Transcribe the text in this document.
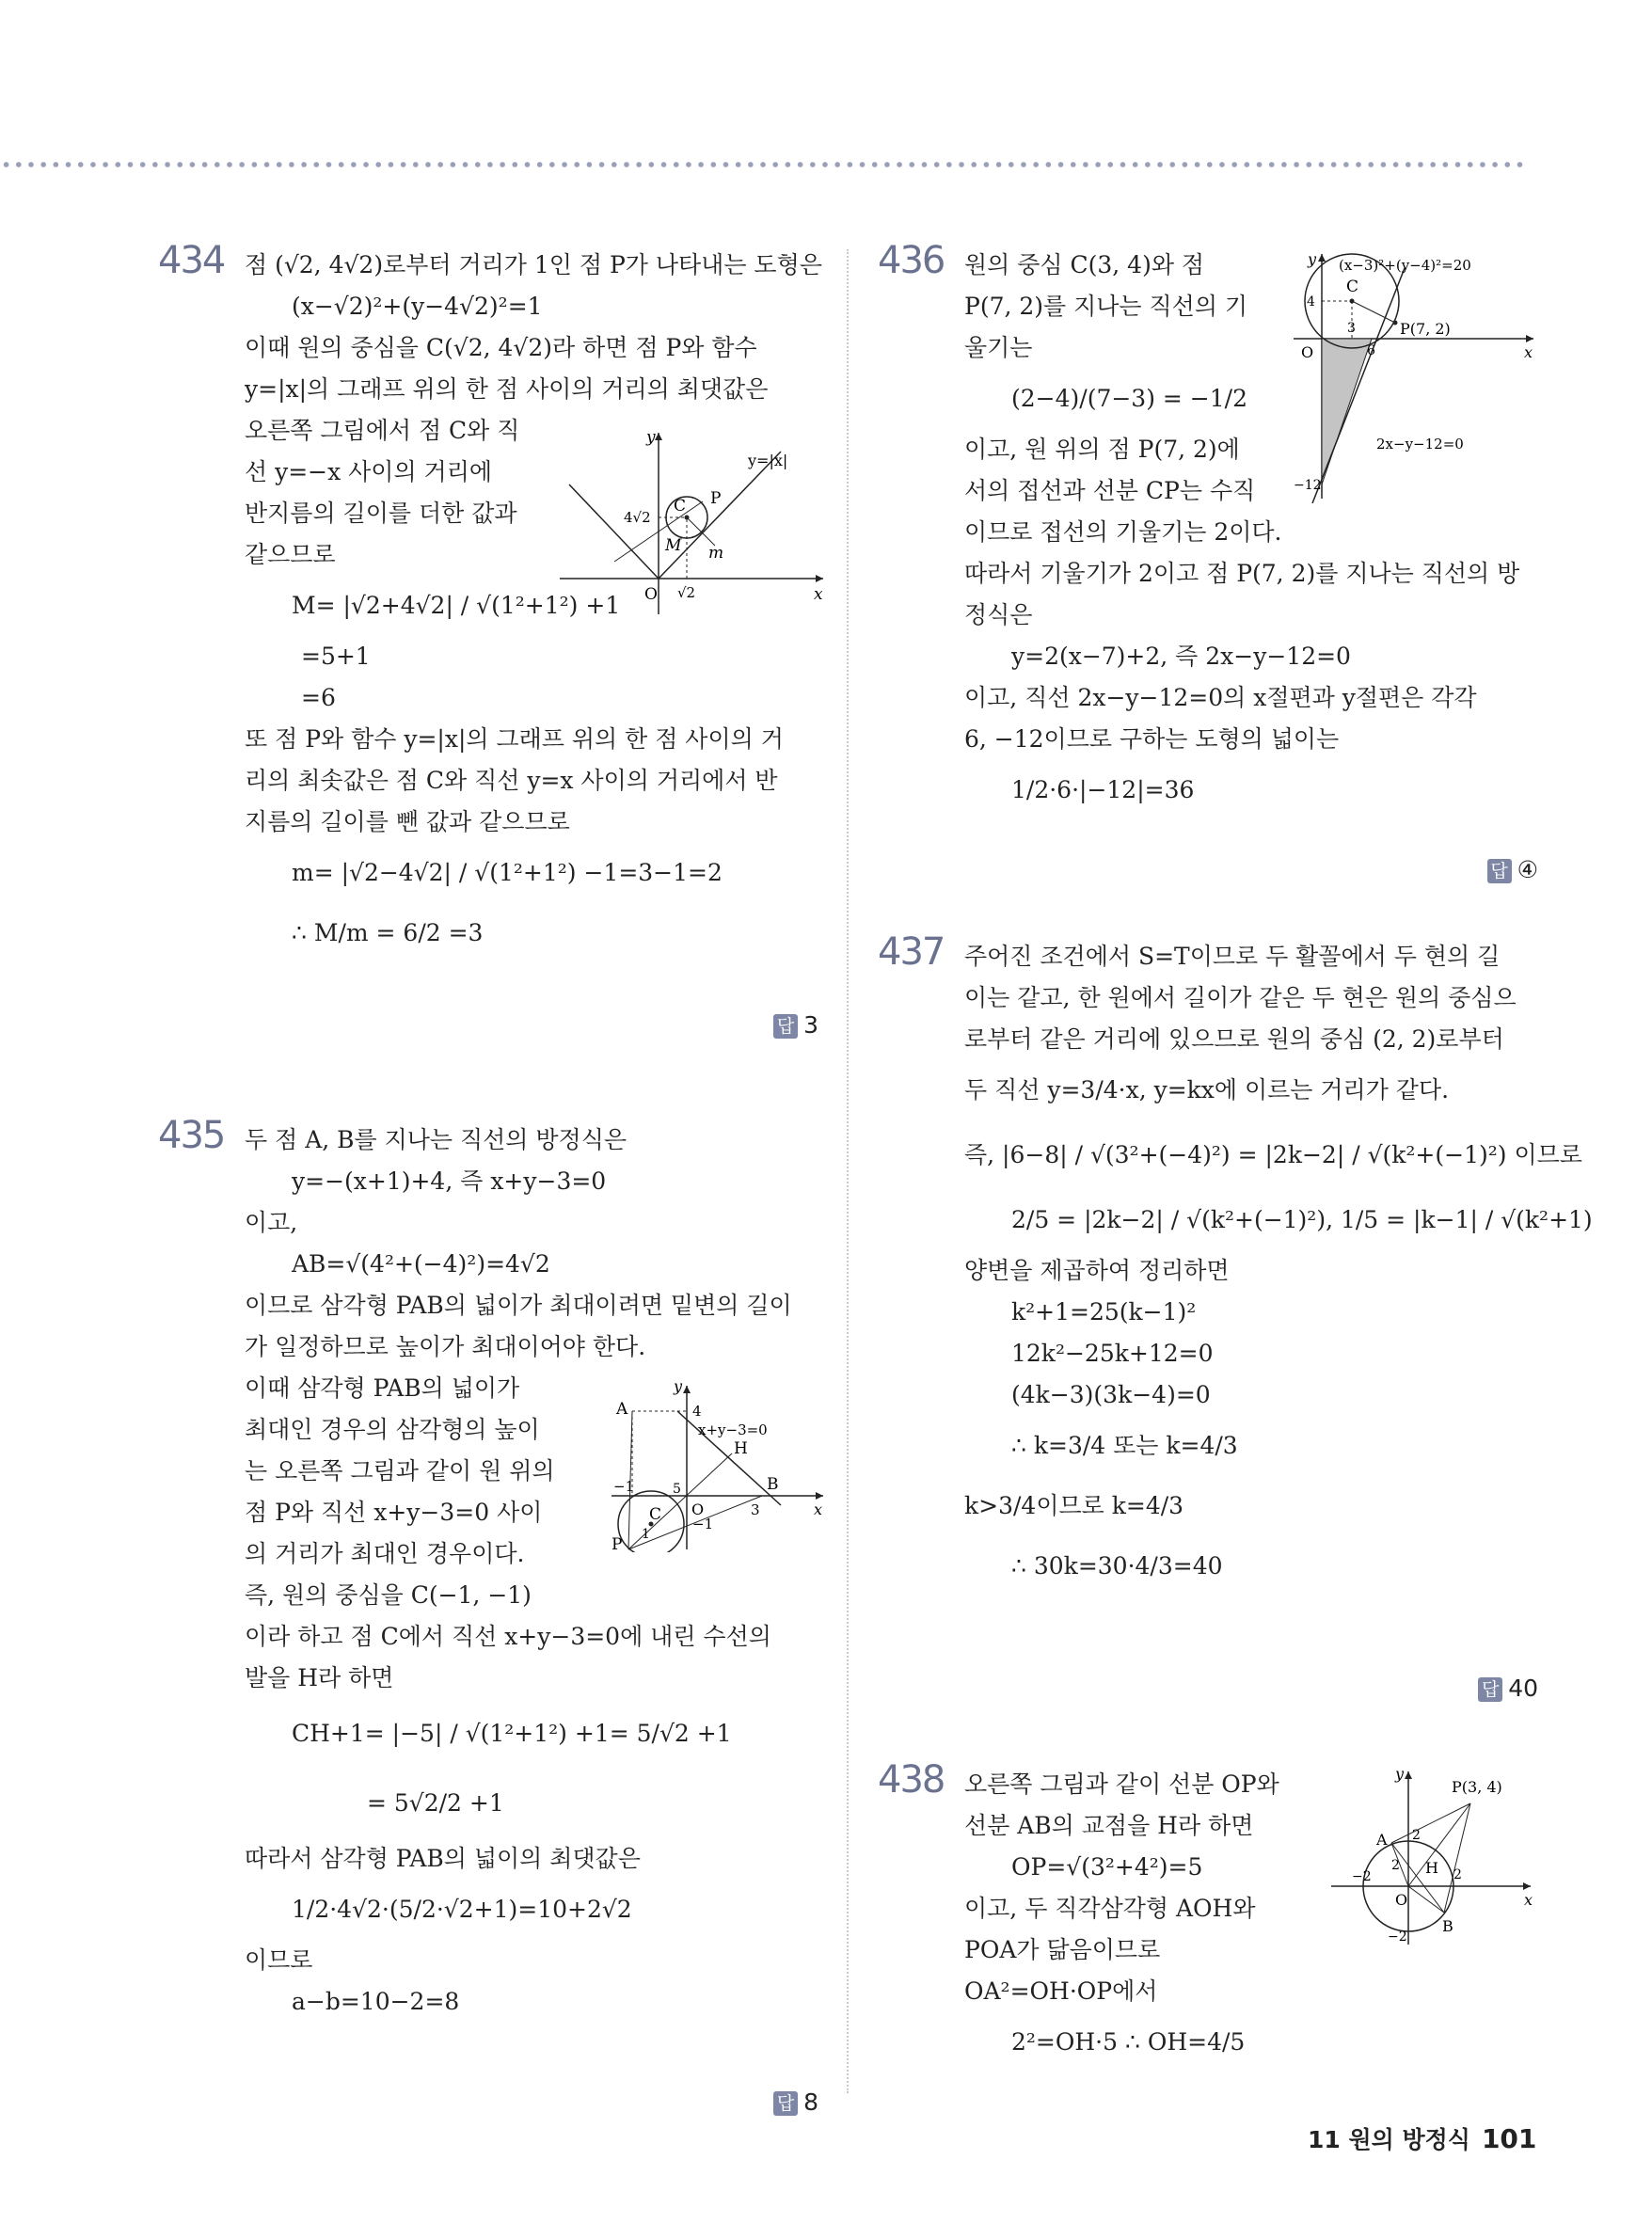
434 점 (√2, 4√2)로부터 거리가 1인 점 P가 나타내는 도형은
(x−√2)²+(y−4√2)²=1
이때 원의 중심을 C(√2, 4√2)라 하면 점 P와 함수
y=|x|의 그래프 위의 한 점 사이의 거리의 최댓값은
오른쪽 그림에서 점 C와 직
선 y=−x 사이의 거리에
반지름의 길이를 더한 값과
같으므로
M= |√2+4√2| / √(1²+1²) +1
=5+1
=6
또 점 P와 함수 y=|x|의 그래프 위의 한 점 사이의 거
리의 최솟값은 점 C와 직선 y=x 사이의 거리에서 반
지름의 길이를 뺀 값과 같으므로
m= |√2−4√2| / √(1²+1²) −1=3−1=2
∴ M/m = 6/2 =3
답 3
y
x
O
C P
M m
4√2
√2
y=|x|
435 두 점 A, B를 지나는 직선의 방정식은
y=−(x+1)+4, 즉 x+y−3=0
이고,
AB=√(4²+(−4)²)=4√2
이므로 삼각형 PAB의 넓이가 최대이려면 밑변의 길이
가 일정하므로 높이가 최대이어야 한다.
이때 삼각형 PAB의 넓이가
최대인 경우의 삼각형의 높이
는 오른쪽 그림과 같이 원 위의
점 P와 직선 x+y−3=0 사이
의 거리가 최대인 경우이다.
즉, 원의 중심을 C(−1, −1)
이라 하고 점 C에서 직선 x+y−3=0에 내린 수선의
발을 H라 하면
CH+1= |−5| / √(1²+1²) +1= 5/√2 +1
= 5√2/2 +1
따라서 삼각형 PAB의 넓이의 최댓값은
1/2·4√2·(5/2·√2+1)=10+2√2
이므로
a−b=10−2=8
답 8
y
x
A
B
H
C
P
O
4
3
−1
−1
5
1
x+y−3=0
436 원의 중심 C(3, 4)와 점
P(7, 2)를 지나는 직선의 기
울기는
(2−4)/(7−3) = −1/2
이고, 원 위의 점 P(7, 2)에
서의 접선과 선분 CP는 수직
이므로 접선의 기울기는 2이다.
따라서 기울기가 2이고 점 P(7, 2)를 지나는 직선의 방
정식은
y=2(x−7)+2, 즉 2x−y−12=0
이고, 직선 2x−y−12=0의 x절편과 y절편은 각각
6, −12이므로 구하는 도형의 넓이는
1/2·6·|−12|=36
답 ④
y
x
O
C
P(7, 2)
(x−3)²+(y−4)²=20
4
3
6
−12
2x−y−12=0
437 주어진 조건에서 S=T이므로 두 활꼴에서 두 현의 길
이는 같고, 한 원에서 길이가 같은 두 현은 원의 중심으
로부터 같은 거리에 있으므로 원의 중심 (2, 2)로부터
두 직선 y=3/4·x, y=kx에 이르는 거리가 같다.
즉, |6−8| / √(3²+(−4)²) = |2k−2| / √(k²+(−1)²) 이므로
2/5 = |2k−2| / √(k²+(−1)²), 1/5 = |k−1| / √(k²+1)
양변을 제곱하여 정리하면
k²+1=25(k−1)²
12k²−25k+12=0
(4k−3)(3k−4)=0
∴ k=3/4 또는 k=4/3
k>3/4이므로 k=4/3
∴ 30k=30·4/3=40
답 40
438 오른쪽 그림과 같이 선분 OP와
선분 AB의 교점을 H라 하면
OP=√(3²+4²)=5
이고, 두 직각삼각형 AOH와
POA가 닮음이므로
OA²=OH·OP에서
2²=OH·5 ∴ OH=4/5
y
x
O
A
B
H
P(3, 4)
2
2
−2
−2
2
11 원의 방정식 101
